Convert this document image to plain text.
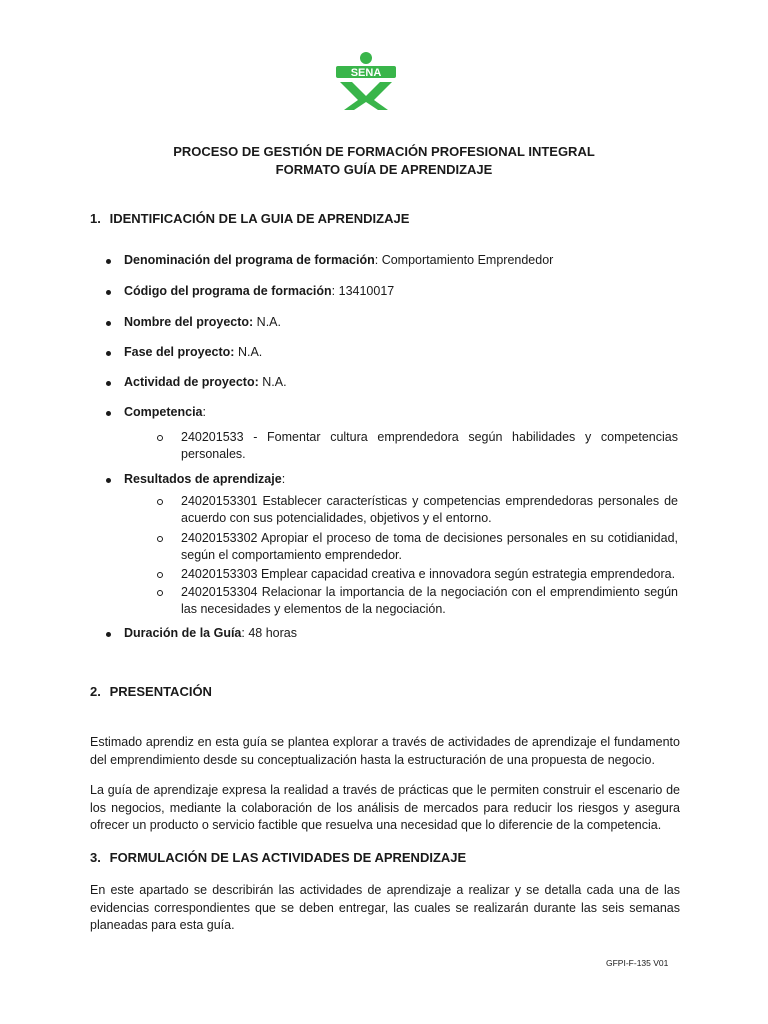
SENA
PROCESO DE GESTIÓN DE FORMACIÓN PROFESIONAL INTEGRAL
FORMATO GUÍA DE APRENDIZAJE
1. IDENTIFICACIÓN DE LA GUIA DE APRENDIZAJE
Denominación del programa de formación: Comportamiento Emprendedor
Código del programa de formación: 13410017
Nombre del proyecto: N.A.
Fase del proyecto: N.A.
Actividad de proyecto: N.A.
Competencia:
240201533 - Fomentar cultura emprendedora según habilidades y competencias personales.
Resultados de aprendizaje:
24020153301 Establecer características y competencias emprendedoras personales de acuerdo con sus potencialidades, objetivos y el entorno.
24020153302 Apropiar el proceso de toma de decisiones personales en su cotidianidad, según el comportamiento emprendedor.
24020153303 Emplear capacidad creativa e innovadora según estrategia emprendedora.
24020153304 Relacionar la importancia de la negociación con el emprendimiento según las necesidades y elementos de la negociación.
Duración de la Guía: 48 horas
2. PRESENTACIÓN
Estimado aprendiz en esta guía se plantea explorar a través de actividades de aprendizaje el fundamento del emprendimiento desde su conceptualización hasta la estructuración de una propuesta de negocio.
La guía de aprendizaje expresa la realidad a través de prácticas que le permiten construir el escenario de los negocios, mediante la colaboración de los análisis de mercados para reducir los riesgos y asegura ofrecer un producto o servicio factible que resuelva una necesidad que lo diferencie de la competencia.
3. FORMULACIÓN DE LAS ACTIVIDADES DE APRENDIZAJE
En este apartado se describirán las actividades de aprendizaje a realizar y se detalla cada una de las evidencias correspondientes que se deben entregar, las cuales se realizarán durante las seis semanas planeadas para esta guía.
GFPI-F-135 V01
